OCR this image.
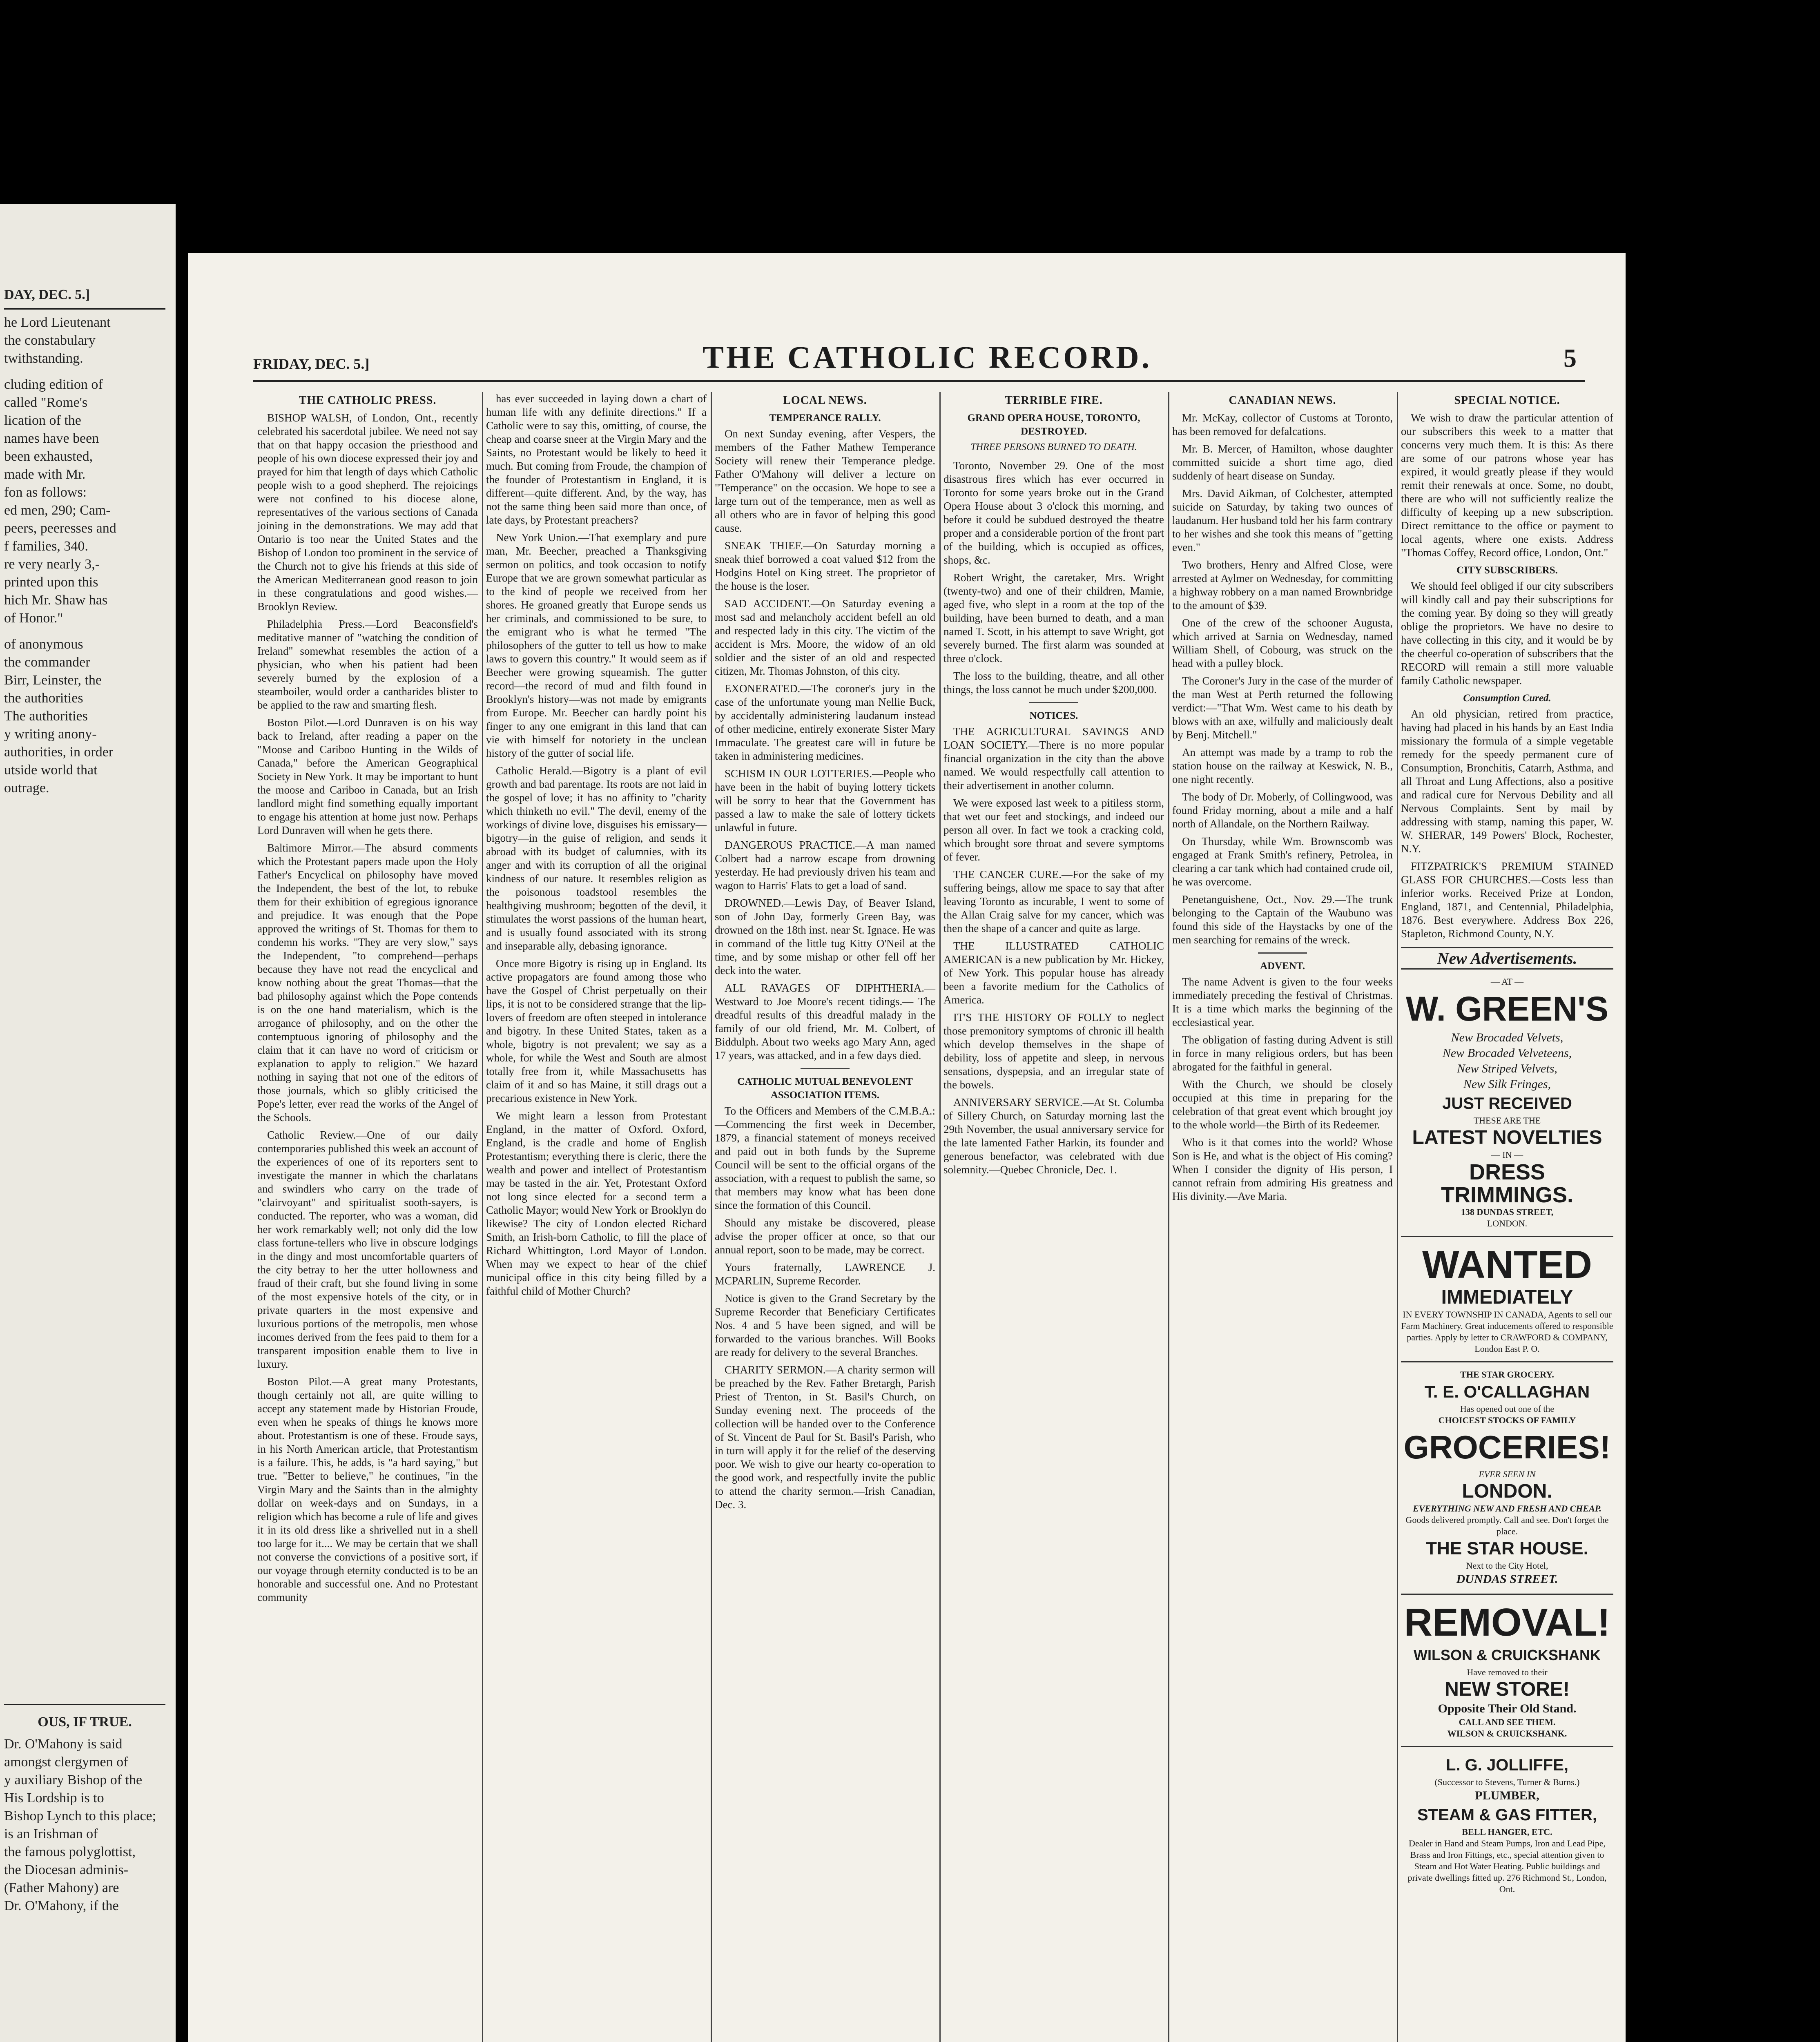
DAY, DEC. 5.]
he Lord Lieutenant
the constabulary
twithstanding.
cluding edition of
called "Rome's
lication of the
names have been
been exhausted,
made with Mr.
fon as follows:
ed men, 290; Cam-
peers, peeresses and
f families, 340.
re very nearly 3,-
printed upon this
hich Mr. Shaw has
of Honor."
of anonymous
the commander
Birr, Leinster, the
the authorities
The authorities
y writing anony-
authorities, in order
utside world that
outrage.
OUS, IF TRUE.
Dr. O'Mahony is said
amongst clergymen of
y auxiliary Bishop of the
His Lordship is to
Bishop Lynch to this place;
is an Irishman of
the famous polyglottist,
the Diocesan adminis-
(Father Mahony) are
Dr. O'Mahony, if the
FRIDAY, DEC. 5.]	THE CATHOLIC RECORD.	5
THE CATHOLIC PRESS.

BISHOP WALSH, of London, Ont., recently celebrated his sacerdotal jubilee. We need not say that on that happy occasion the priesthood and people of his own diocese expressed their joy and prayed for him that length of days which Catholic people wish to a good shepherd. The rejoicings were not confined to his diocese alone, representatives of the various sections of Canada joining in the demonstrations. We may add that Ontario is too near the United States and the Bishop of London too prominent in the service of the Church not to give his friends at this side of the American Mediterranean good reason to join in these congratulations and good wishes.—Brooklyn Review.

Philadelphia Press.—Lord Beaconsfield's meditative manner of "watching the condition of Ireland" somewhat resembles the action of a physician, who when his patient had been severely burned by the explosion of a steamboiler, would order a cantharides blister to be applied to the raw and smarting flesh.

Boston Pilot.—Lord Dunraven is on his way back to Ireland, after reading a paper on the "Moose and Cariboo Hunting in the Wilds of Canada," before the American Geographical Society in New York. It may be important to hunt the moose and Cariboo in Canada, but an Irish landlord might find something equally important to engage his attention at home just now. Perhaps Lord Dunraven will when he gets there.

Baltimore Mirror.—The absurd comments which the Protestant papers made upon the Holy Father's Encyclical on philosophy have moved the Independent, the best of the lot, to rebuke them for their exhibition of egregious ignorance and prejudice. It was enough that the Pope approved the writings of St. Thomas for them to condemn his works. "They are very slow," says the Independent, "to comprehend—perhaps because they have not read the encyclical and know nothing about the great Thomas—that the bad philosophy against which the Pope contends is on the one hand materialism, which is the arrogance of philosophy, and on the other the contemptuous ignoring of philosophy and the claim that it can have no word of criticism or explanation to apply to religion." We hazard nothing in saying that not one of the editors of those journals, which so glibly criticised the Pope's letter, ever read the works of the Angel of the Schools.

Catholic Review.—One of our daily contemporaries published this week an account of the experiences of one of its reporters sent to investigate the manner in which the charlatans and swindlers who carry on the trade of "clairvoyant" and spiritualist sooth-sayers, is conducted. The reporter, who was a woman, did her work remarkably well; not only did the low class fortune-tellers who live in obscure lodgings in the dingy and most uncomfortable quarters of the city betray to her the utter hollowness and fraud of their craft, but she found living in some of the most expensive hotels of the city, or in private quarters in the most expensive and luxurious portions of the metropolis, men whose incomes derived from the fees paid to them for a transparent imposition enable them to live in luxury.

Boston Pilot.—A great many Protestants, though certainly not all, are quite willing to accept any statement made by Historian Froude, even when he speaks of things he knows more about. Protestantism is one of these. Froude says, in his North American article, that Protestantism is a failure. This, he adds, is "a hard saying," but true. "Better to believe," he continues, "in the Virgin Mary and the Saints than in the almighty dollar on week-days and on Sundays, in a religion which has become a rule of life and gives it in its old dress like a shrivelled nut in a shell too large for it.... We may be certain that we shall not converse the convictions of a positive sort, if our voyage through eternity conducted is to be an honorable and successful one. And no Protestant community

has ever succeeded in laying down a chart of human life with any definite directions." If a Catholic were to say this, omitting, of course, the cheap and coarse sneer at the Virgin Mary and the Saints, no Protestant would be likely to heed it much. But coming from Froude, the champion of the founder of Protestantism in England, it is different—quite different. And, by the way, has not the same thing been said more than once, of late days, by Protestant preachers?

New York Union.—That exemplary and pure man, Mr. Beecher, preached a Thanksgiving sermon on politics, and took occasion to notify Europe that we are grown somewhat particular as to the kind of people we received from her shores. He groaned greatly that Europe sends us her criminals, and commissioned to be sure, to the emigrant who is what he termed "The philosophers of the gutter to tell us how to make laws to govern this country." It would seem as if Beecher were growing squeamish. The gutter record—the record of mud and filth found in Brooklyn's history—was not made by emigrants from Europe. Mr. Beecher can hardly point his finger to any one emigrant in this land that can vie with himself for notoriety in the unclean history of the gutter of social life.

Catholic Herald.—Bigotry is a plant of evil growth and bad parentage. Its roots are not laid in the gospel of love; it has no affinity to "charity which thinketh no evil." The devil, enemy of the workings of divine love, disguises his emissary—bigotry—in the guise of religion, and sends it abroad with its budget of calumnies, with its anger and with its corruption of all the original kindness of our nature. It resembles religion as the poisonous toadstool resembles the healthgiving mushroom; begotten of the devil, it stimulates the worst passions of the human heart, and is usually found associated with its strong and inseparable ally, debasing ignorance.

Once more Bigotry is rising up in England. Its active propagators are found among those who have the Gospel of Christ perpetually on their lips, it is not to be considered strange that the lip-lovers of freedom are often steeped in intolerance and bigotry. In these United States, taken as a whole, bigotry is not prevalent; we say as a whole, for while the West and South are almost totally free from it, while Massachusetts has claim of it and so has Maine, it still drags out a precarious existence in New York.

We might learn a lesson from Protestant England, in the matter of Oxford. Oxford, England, is the cradle and home of English Protestantism; everything there is cleric, there the wealth and power and intellect of Protestantism may be tasted in the air. Yet, Protestant Oxford not long since elected for a second term a Catholic Mayor; would New York or Brooklyn do likewise? The city of London elected Richard Smith, an Irish-born Catholic, to fill the place of Richard Whittington, Lord Mayor of London. When may we expect to hear of the chief municipal office in this city being filled by a faithful child of Mother Church?

LOCAL NEWS.
TEMPERANCE RALLY.

On next Sunday evening, after Vespers, the members of the Father Mathew Temperance Society will renew their Temperance pledge. Father O'Mahony will deliver a lecture on "Temperance" on the occasion. We hope to see a large turn out of the temperance, men as well as all others who are in favor of helping this good cause.

SNEAK THIEF.—On Saturday morning a sneak thief borrowed a coat valued $12 from the Hodgins Hotel on King street. The proprietor of the house is the loser.

SAD ACCIDENT.—On Saturday evening a most sad and melancholy accident befell an old and respected lady in this city. The victim of the accident is Mrs. Moore, the widow of an old soldier and the sister of an old and respected citizen, Mr. Thomas Johnston, of this city.

EXONERATED.—The coroner's jury in the case of the unfortunate young man Nellie Buck, by accidentally administering laudanum instead of other medicine, entirely exonerate Sister Mary Immaculate. The greatest care will in future be taken in administering medicines.

SCHISM IN OUR LOTTERIES.—People who have been in the habit of buying lottery tickets will be sorry to hear that the Government has passed a law to make the sale of lottery tickets unlawful in future.

DANGEROUS PRACTICE.—A man named Colbert had a narrow escape from drowning yesterday. He had previously driven his team and wagon to Harris' Flats to get a load of sand.

DROWNED.—Lewis Day, of Beaver Island, son of John Day, formerly Green Bay, was drowned on the 18th inst. near St. Ignace. He was in command of the little tug Kitty O'Neil at the time, and by some mishap or other fell off her deck into the water.

ALL RAVAGES OF DIPHTHERIA.—Westward to Joe Moore's recent tidings.— The dreadful results of this dreadful malady in the family of our old friend, Mr. M. Colbert, of Biddulph. About two weeks ago Mary Ann, aged 17 years, was attacked, and in a few days died.

CATHOLIC MUTUAL BENEVOLENT ASSOCIATION ITEMS.

To the Officers and Members of the C.M.B.A.:—Commencing the first week in December, 1879, a financial statement of moneys received and paid out in both funds by the Supreme Council will be sent to the official organs of the association, with a request to publish the same, so that members may know what has been done since the formation of this Council.

Should any mistake be discovered, please advise the proper officer at once, so that our annual report, soon to be made, may be correct.

Yours fraternally, LAWRENCE J. MCPARLIN, Supreme Recorder.

Notice is given to the Grand Secretary by the Supreme Recorder that Beneficiary Certificates Nos. 4 and 5 have been signed, and will be forwarded to the various branches. Will Books are ready for delivery to the several Branches.

CHARITY SERMON.—A charity sermon will be preached by the Rev. Father Bretargh, Parish Priest of Trenton, in St. Basil's Church, on Sunday evening next. The proceeds of the collection will be handed over to the Conference of St. Vincent de Paul for St. Basil's Parish, who in turn will apply it for the relief of the deserving poor. We wish to give our hearty co-operation to the good work, and respectfully invite the public to attend the charity sermon.—Irish Canadian, Dec. 3.

TERRIBLE FIRE.
GRAND OPERA HOUSE, TORONTO, DESTROYED.
THREE PERSONS BURNED TO DEATH.

Toronto, November 29. One of the most disastrous fires which has ever occurred in Toronto for some years broke out in the Grand Opera House about 3 o'clock this morning, and before it could be subdued destroyed the theatre proper and a considerable portion of the front part of the building, which is occupied as offices, shops, &c.

Robert Wright, the caretaker, Mrs. Wright (twenty-two) and one of their children, Mamie, aged five, who slept in a room at the top of the building, have been burned to death, and a man named T. Scott, in his attempt to save Wright, got severely burned. The first alarm was sounded at three o'clock.

The loss to the building, theatre, and all other things, the loss cannot be much under $200,000.

NOTICES.

THE AGRICULTURAL SAVINGS AND LOAN SOCIETY.—There is no more popular financial organization in the city than the above named. We would respectfully call attention to their advertisement in another column.

We were exposed last week to a pitiless storm, that wet our feet and stockings, and indeed our person all over. In fact we took a cracking cold, which brought sore throat and severe symptoms of fever.

THE CANCER CURE.—For the sake of my suffering beings, allow me space to say that after leaving Toronto as incurable, I went to some of the Allan Craig salve for my cancer, which was then the shape of a cancer and quite as large.

THE ILLUSTRATED CATHOLIC AMERICAN is a new publication by Mr. Hickey, of New York. This popular house has already been a favorite medium for the Catholics of America.

IT'S THE HISTORY OF FOLLY to neglect those premonitory symptoms of chronic ill health which develop themselves in the shape of debility, loss of appetite and sleep, in nervous sensations, dyspepsia, and an irregular state of the bowels.

ANNIVERSARY SERVICE.—At St. Columba of Sillery Church, on Saturday morning last the 29th November, the usual anniversary service for the late lamented Father Harkin, its founder and generous benefactor, was celebrated with due solemnity.—Quebec Chronicle, Dec. 1.

CANADIAN NEWS.

Mr. McKay, collector of Customs at Toronto, has been removed for defalcations.

Mr. B. Mercer, of Hamilton, whose daughter committed suicide a short time ago, died suddenly of heart disease on Sunday.

Mrs. David Aikman, of Colchester, attempted suicide on Saturday, by taking two ounces of laudanum. Her husband told her his farm contrary to her wishes and she took this means of "getting even."

Two brothers, Henry and Alfred Close, were arrested at Aylmer on Wednesday, for committing a highway robbery on a man named Brownbridge to the amount of $39.

One of the crew of the schooner Augusta, which arrived at Sarnia on Wednesday, named William Shell, of Cobourg, was struck on the head with a pulley block.

The Coroner's Jury in the case of the murder of the man West at Perth returned the following verdict:—"That Wm. West came to his death by blows with an axe, wilfully and maliciously dealt by Benj. Mitchell."

An attempt was made by a tramp to rob the station house on the railway at Keswick, N. B., one night recently.

The body of Dr. Moberly, of Collingwood, was found Friday morning, about a mile and a half north of Allandale, on the Northern Railway.

On Thursday, while Wm. Brownscomb was engaged at Frank Smith's refinery, Petrolea, in clearing a car tank which had contained crude oil, he was overcome.

Penetanguishene, Oct., Nov. 29.—The trunk belonging to the Captain of the Waubuno was found this side of the Haystacks by one of the men searching for remains of the wreck.

ADVENT.

The name Advent is given to the four weeks immediately preceding the festival of Christmas. It is a time which marks the beginning of the ecclesiastical year.

The obligation of fasting during Advent is still in force in many religious orders, but has been abrogated for the faithful in general.

With the Church, we should be closely occupied at this time in preparing for the celebration of that great event which brought joy to the whole world—the Birth of its Redeemer.

Who is it that comes into the world? Whose Son is He, and what is the object of His coming? When I consider the dignity of His person, I cannot refrain from admiring His greatness and His divinity.—Ave Maria.

SPECIAL NOTICE.

We wish to draw the particular attention of our subscribers this week to a matter that concerns very much them. It is this: As there are some of our patrons whose year has expired, it would greatly please if they would remit their renewals at once. Some, no doubt, there are who will not sufficiently realize the difficulty of keeping up a new subscription. Direct remittance to the office or payment to local agents, where one exists. Address "Thomas Coffey, Record office, London, Ont."

CITY SUBSCRIBERS.

We should feel obliged if our city subscribers will kindly call and pay their subscriptions for the coming year. By doing so they will greatly oblige the proprietors. We have no desire to have collecting in this city, and it would be by the cheerful co-operation of subscribers that the RECORD will remain a still more valuable family Catholic newspaper.

Consumption Cured.

An old physician, retired from practice, having had placed in his hands by an East India missionary the formula of a simple vegetable remedy for the speedy permanent cure of Consumption, Bronchitis, Catarrh, Asthma, and all Throat and Lung Affections, also a positive and radical cure for Nervous Debility and all Nervous Complaints. Sent by mail by addressing with stamp, naming this paper, W. W. SHERAR, 149 Powers' Block, Rochester, N.Y.

FITZPATRICK'S PREMIUM STAINED GLASS FOR CHURCHES.—Costs less than inferior works. Received Prize at London, England, 1871, and Centennial, Philadelphia, 1876. Best everywhere. Address Box 226, Stapleton, Richmond County, N.Y.

New Advertisements.
— AT —
W. GREEN'S
New Brocaded Velvets,
New Brocaded Velveteens,
New Striped Velvets,
New Silk Fringes,
JUST RECEIVED
THESE ARE THE
LATEST NOVELTIES
— IN —
DRESS TRIMMINGS.
138 DUNDAS STREET,
LONDON.
WANTED
IMMEDIATELY
IN EVERY TOWNSHIP IN CANADA, Agents to sell our Farm Machinery. Great inducements offered to responsible parties. Apply by letter to CRAWFORD & COMPANY, London East P. O.
THE STAR GROCERY.
T. E. O'CALLAGHAN
Has opened out one of the
CHOICEST STOCKS OF FAMILY
GROCERIES!
EVER SEEN IN
LONDON.
EVERYTHING NEW AND FRESH AND CHEAP.
Goods delivered promptly. Call and see. Don't forget the place.
THE STAR HOUSE.
Next to the City Hotel,
DUNDAS STREET.
REMOVAL!
WILSON & CRUICKSHANK
Have removed to their
NEW STORE!
Opposite Their Old Stand.
CALL AND SEE THEM.
WILSON & CRUICKSHANK.
L. G. JOLLIFFE,
(Successor to Stevens, Turner & Burns.)
PLUMBER,
STEAM & GAS FITTER,
BELL HANGER, ETC.
Dealer in Hand and Steam Pumps, Iron and Lead Pipe, Brass and Iron Fittings, etc., special attention given to Steam and Hot Water Heating. Public buildings and private dwellings fitted up. 276 Richmond St., London, Ont.
